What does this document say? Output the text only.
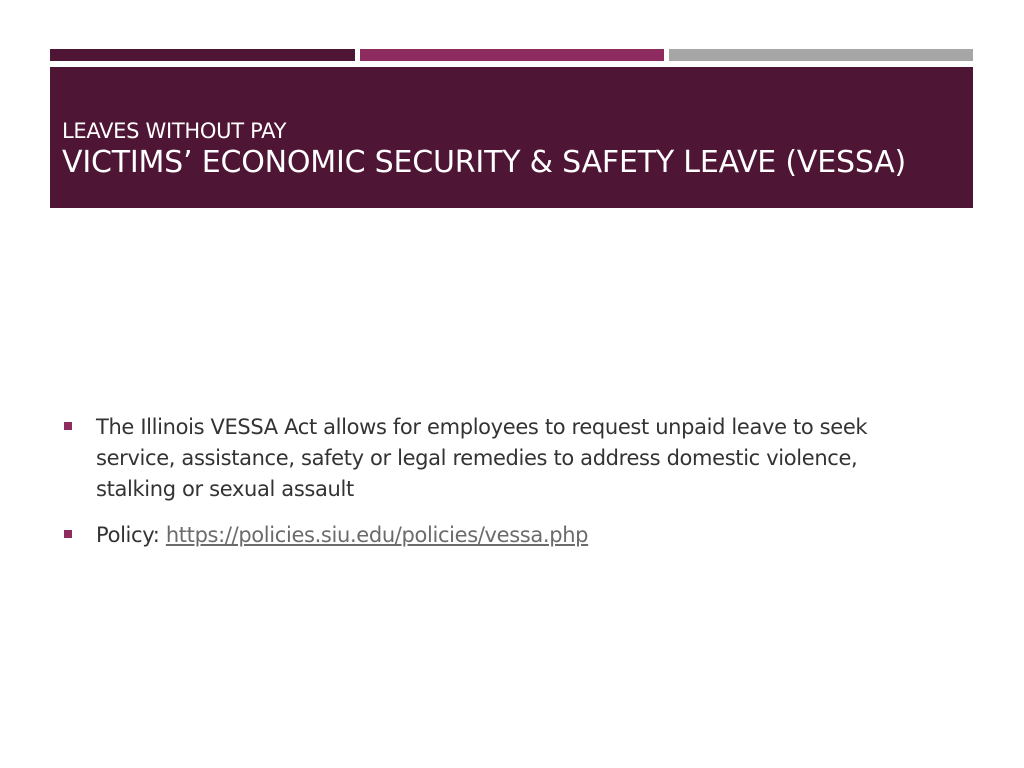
LEAVES WITHOUT PAY
VICTIMS’ ECONOMIC SECURITY & SAFETY LEAVE (VESSA)
The Illinois VESSA Act allows for employees to request unpaid leave to seek service, assistance, safety or legal remedies to address domestic violence, stalking or sexual assault
Policy: https://policies.siu.edu/policies/vessa.php
